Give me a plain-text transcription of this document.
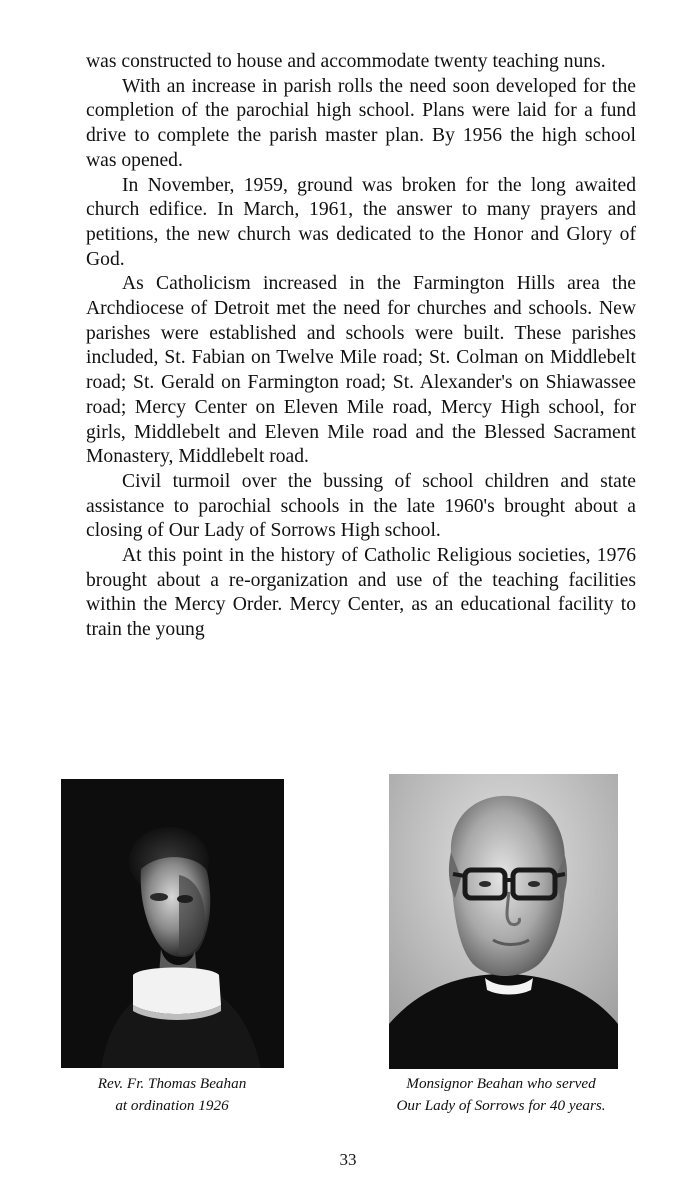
was constructed to house and accommodate twenty teaching nuns.

With an increase in parish rolls the need soon developed for the completion of the parochial high school. Plans were laid for a fund drive to complete the parish master plan. By 1956 the high school was opened.

In November, 1959, ground was broken for the long awaited church edifice. In March, 1961, the answer to many prayers and petitions, the new church was dedicated to the Honor and Glory of God.

As Catholicism increased in the Farmington Hills area the Archdiocese of Detroit met the need for churches and schools. New parishes were established and schools were built. These parishes included, St. Fabian on Twelve Mile road; St. Colman on Middlebelt road; St. Gerald on Farmington road; St. Alexander's on Shiawassee road; Mercy Center on Eleven Mile road, Mercy High school, for girls, Middlebelt and Eleven Mile road and the Blessed Sacrament Monastery, Middlebelt road.

Civil turmoil over the bussing of school children and state assistance to parochial schools in the late 1960's brought about a closing of Our Lady of Sorrows High school.

At this point in the history of Catholic Religious societies, 1976 brought about a re-organization and use of the teaching facilities within the Mercy Order. Mercy Center, as an educational facility to train the young

Rev. Fr. Thomas Beahan
at ordination 1926
Monsignor Beahan who served
Our Lady of Sorrows for 40 years.
33
